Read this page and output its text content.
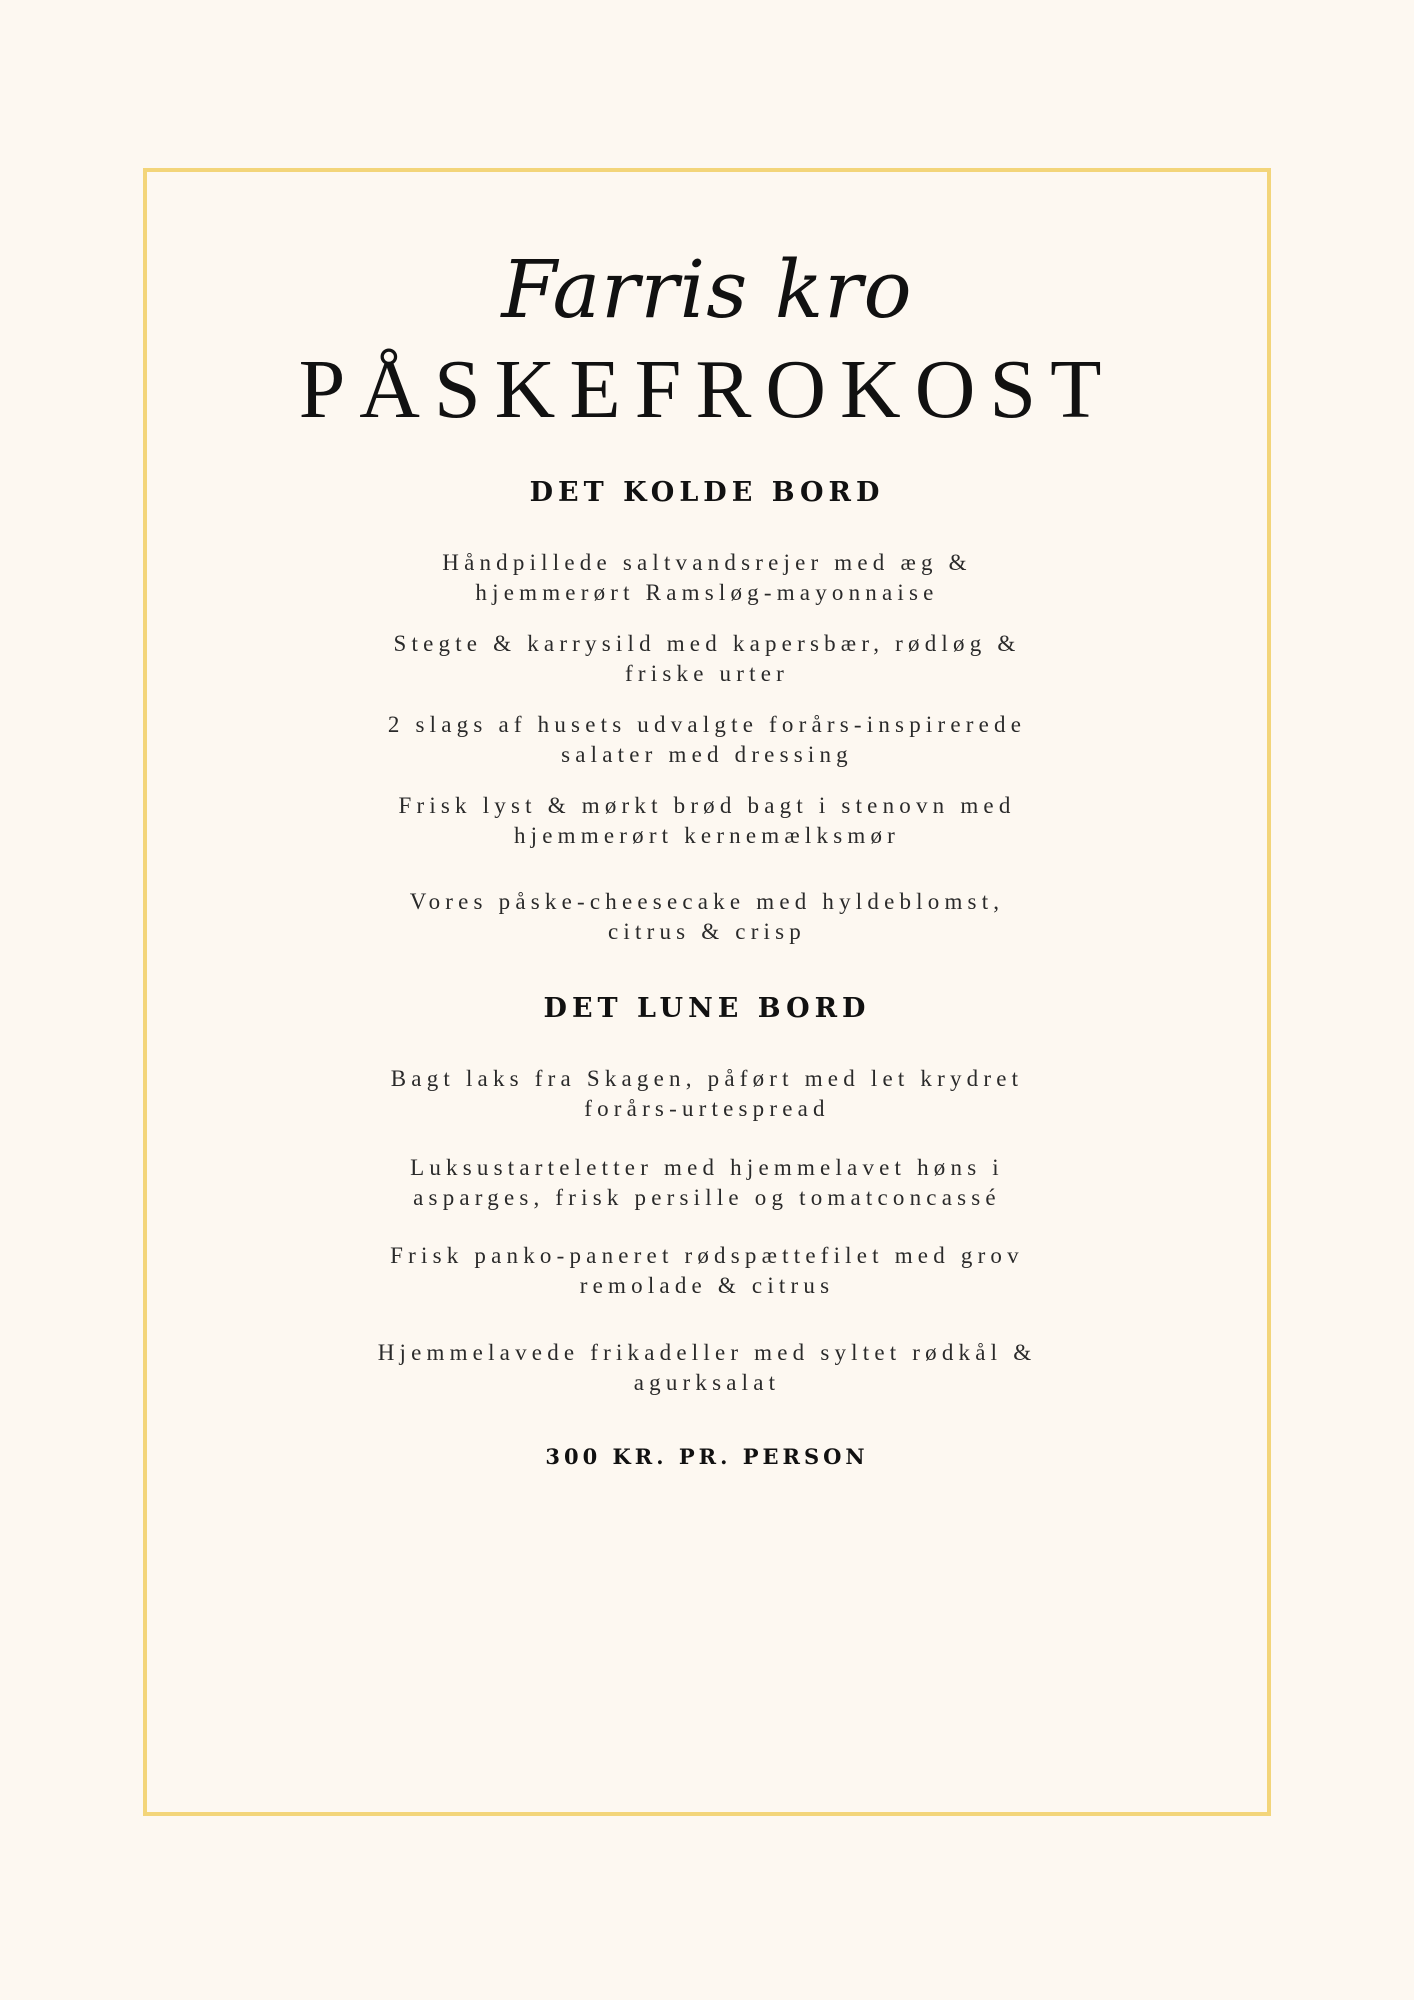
Farris kro
PÅSKEFROKOST
DET KOLDE BORD
Håndpillede saltvandsrejer med æg &
hjemmerørt Ramsløg-mayonnaise
Stegte & karrysild med kapersbær, rødløg &
friske urter
2 slags af husets udvalgte forårs-inspirerede
salater med dressing
Frisk lyst & mørkt brød bagt i stenovn med
hjemmerørt kernemælksmør
Vores påske-cheesecake med hyldeblomst,
citrus & crisp
DET LUNE BORD
Bagt laks fra Skagen, påført med let krydret
forårs-urtespread
Luksustarteletter med hjemmelavet høns i
asparges, frisk persille og tomatconcassé
Frisk panko-paneret rødspættefilet med grov
remolade & citrus
Hjemmelavede frikadeller med syltet rødkål &
agurksalat
300 KR. PR. PERSON
